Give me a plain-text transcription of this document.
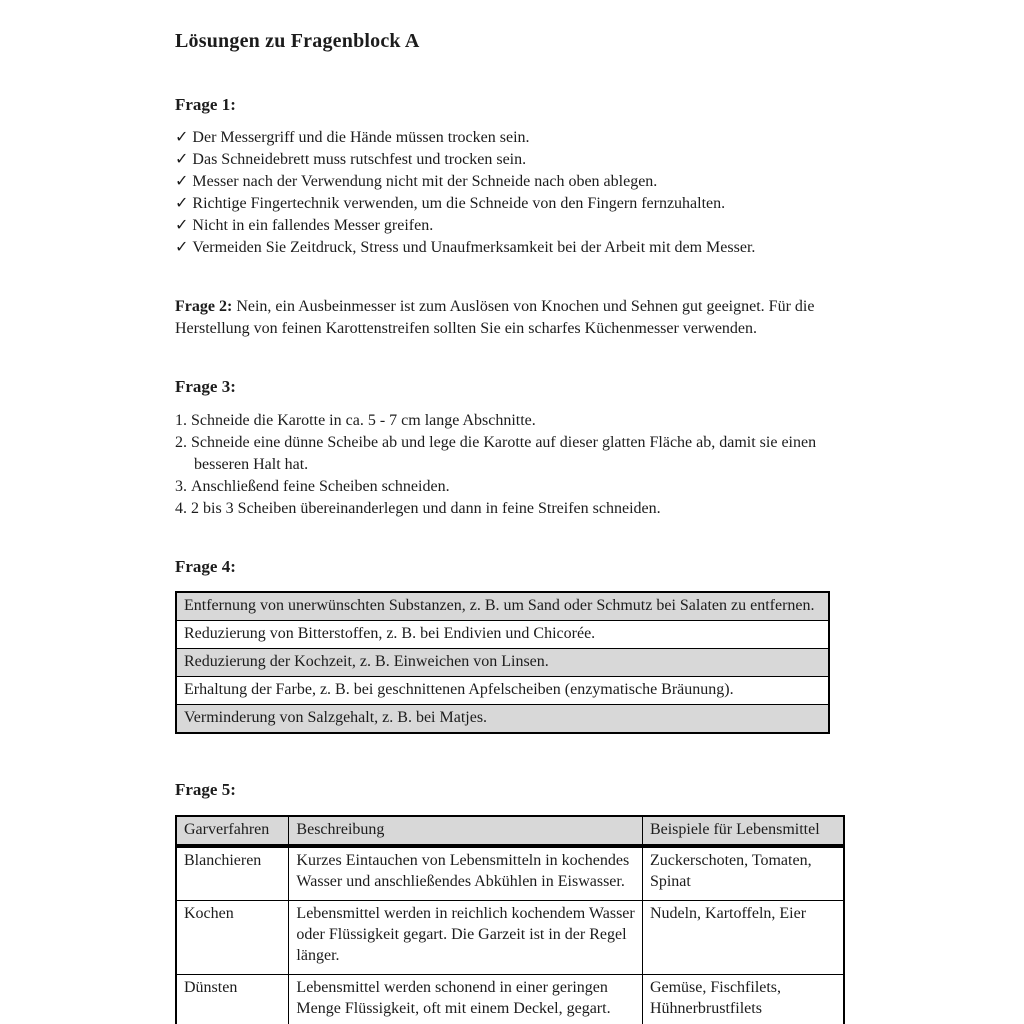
Lösungen zu Fragenblock A
Frage 1:
✓ Der Messergriff und die Hände müssen trocken sein.
✓ Das Schneidebrett muss rutschfest und trocken sein.
✓ Messer nach der Verwendung nicht mit der Schneide nach oben ablegen.
✓ Richtige Fingertechnik verwenden, um die Schneide von den Fingern fernzuhalten.
✓ Nicht in ein fallendes Messer greifen.
✓ Vermeiden Sie Zeitdruck, Stress und Unaufmerksamkeit bei der Arbeit mit dem Messer.
Frage 2: Nein, ein Ausbeinmesser ist zum Auslösen von Knochen und Sehnen gut geeignet. Für die Herstellung von feinen Karottenstreifen sollten Sie ein scharfes Küchenmesser verwenden.
Frage 3:
1. Schneide die Karotte in ca. 5 - 7 cm lange Abschnitte.
2. Schneide eine dünne Scheibe ab und lege die Karotte auf dieser glatten Fläche ab, damit sie einen besseren Halt hat.
3. Anschließend feine Scheiben schneiden.
4. 2 bis 3 Scheiben übereinanderlegen und dann in feine Streifen schneiden.
Frage 4:
Entfernung von unerwünschten Substanzen, z. B. um Sand oder Schmutz bei Salaten zu entfernen.
Reduzierung von Bitterstoffen, z. B. bei Endivien und Chicorée.
Reduzierung der Kochzeit, z. B. Einweichen von Linsen.
Erhaltung der Farbe, z. B. bei geschnittenen Apfelscheiben (enzymatische Bräunung).
Verminderung von Salzgehalt, z. B. bei Matjes.
Frage 5:
Garverfahren	Beschreibung	Beispiele für Lebensmittel
Blanchieren	Kurzes Eintauchen von Lebensmitteln in kochendes Wasser und anschließendes Abkühlen in Eiswasser.	Zuckerschoten, Tomaten, Spinat
Kochen	Lebensmittel werden in reichlich kochendem Wasser oder Flüssigkeit gegart. Die Garzeit ist in der Regel länger.	Nudeln, Kartoffeln, Eier
Dünsten	Lebensmittel werden schonend in einer geringen Menge Flüssigkeit, oft mit einem Deckel, gegart.	Gemüse, Fischfilets, Hühnerbrustfilets
